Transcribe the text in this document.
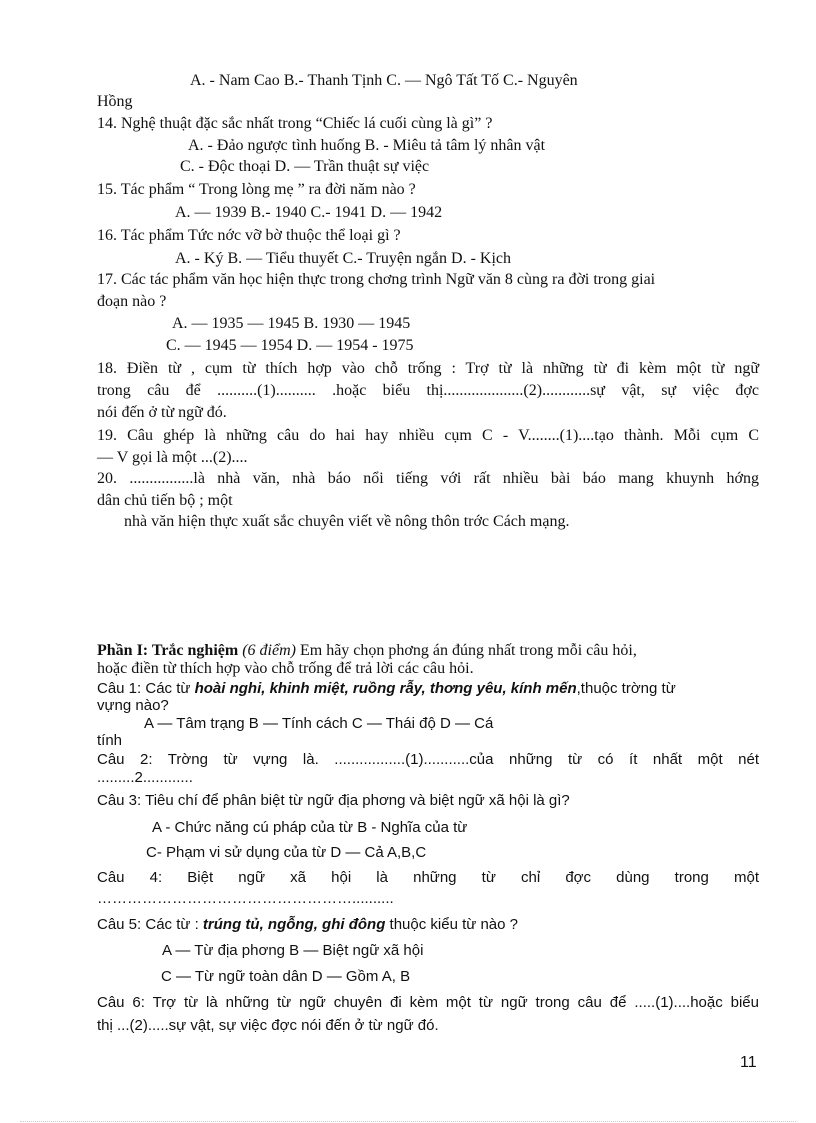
A. - Nam Cao B.- Thanh Tịnh C. — Ngô Tất Tố C.- Nguyên
Hồng
14. Nghệ thuật đặc sắc nhất trong “Chiếc lá cuối cùng là gì” ?
A. - Đảo ngược tình huống B. - Miêu tả tâm lý nhân vật
C. - Độc thoại D. — Trần thuật sự việc
15. Tác phẩm “ Trong lòng mẹ ” ra đời năm nào ?
A. — 1939 B.- 1940 C.- 1941 D. — 1942
16. Tác phẩm Tức nớc vỡ bờ thuộc thể loại gì ?
A. - Ký B. — Tiểu thuyết C.- Truyện ngắn D. - Kịch
17. Các tác phẩm văn học hiện thực trong chơng trình Ngữ văn 8 cùng ra đời trong giai
đoạn nào ?
A. — 1935 — 1945 B. 1930 — 1945
C. — 1945 — 1954 D. — 1954 - 1975
18. Điền từ , cụm từ thích hợp vào chỗ trống : Trợ từ là những từ đi kèm một từ ngữ
trong câu để ..........(1).......... .hoặc biểu thị....................(2)............sự vật, sự việc đợc
nói đến ở từ ngữ đó.
19. Câu ghép là những câu do hai hay nhiều cụm C - V........(1)....tạo thành. Mỗi cụm C
— V gọi là một ...(2)....
20. ................là nhà văn, nhà báo nổi tiếng với rất nhiều bài báo mang khuynh hớng
dân chủ tiến bộ ; một
nhà văn hiện thực xuất sắc chuyên viết về nông thôn trớc Cách mạng.
Phần I: Trắc nghiệm (6 điểm) Em hãy chọn phơng án đúng nhất trong mỗi câu hỏi,
hoặc điền từ thích hợp vào chỗ trống để trả lời các câu hỏi.
Câu 1: Các từ hoài nghi, khinh miệt, ruồng rẫy, thơng yêu, kính mến,thuộc trờng từ
vựng nào?
A — Tâm trạng B — Tính cách C — Thái độ D — Cá
tính
Câu 2: Trờng từ vựng là. .................(1)...........của những từ có ít nhất một nét
.........2............
Câu 3: Tiêu chí để phân biệt từ ngữ địa phơng và biệt ngữ xã hội là gì?
A - Chức năng cú pháp của từ B - Nghĩa của từ
C- Phạm vi sử dụng của từ D — Cả A,B,C
Câu 4: Biệt ngữ xã hội là những từ chỉ đợc dùng trong một
……………………………………………..........
Câu 5: Các từ : trúng tủ, ngỗng, ghi đông thuộc kiểu từ nào ?
A — Từ địa phơng B — Biệt ngữ xã hội
C — Từ ngữ toàn dân D — Gồm A, B
Câu 6: Trợ từ là những từ ngữ chuyên đi kèm một từ ngữ trong câu để .....(1)....hoặc biểu
thị ...(2).....sự vật, sự việc đợc nói đến ở từ ngữ đó.
11
